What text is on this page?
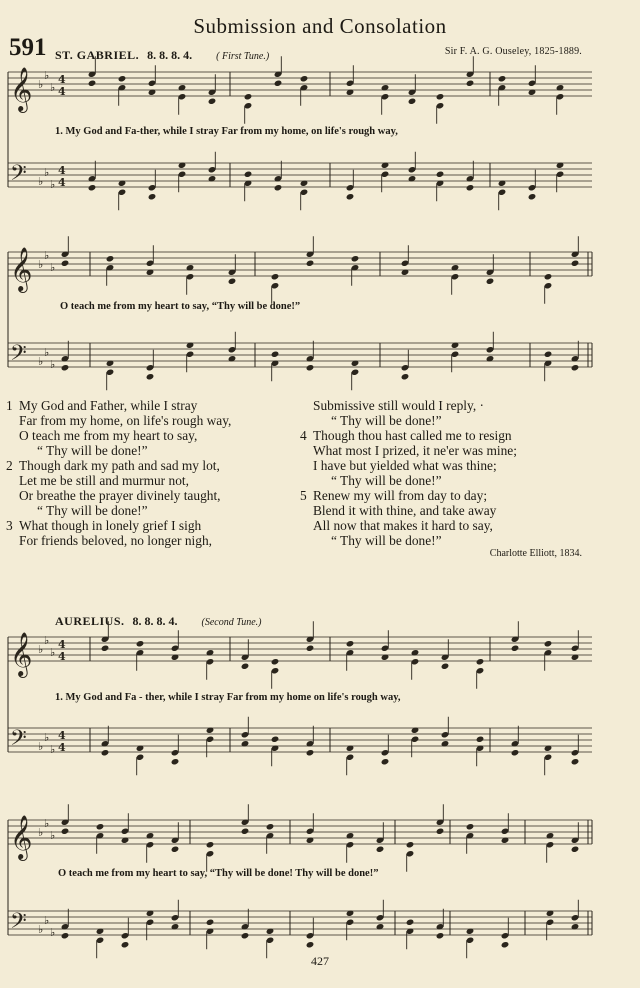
Submission and Consolation
591 ST. GABRIEL. 8. 8. 8. 4. ( First Tune.)	Sir F. A. G. Ouseley, 1825-1889.
𝄞 ♭
♭
♭
4
4
𝄢 ♭
♭
♭
4
4
1. My God and Fa-ther, while I stray Far from my home, on life's rough way,
𝄞 ♭
♭
♭
𝄢 ♭
♭
♭
O teach me from my heart to say, “Thy will be done!”
1 My God and Father, while I stray
Far from my home, on life's rough way,
O teach me from my heart to say,
“ Thy will be done!”
2 Though dark my path and sad my lot,
Let me be still and murmur not,
Or breathe the prayer divinely taught,
“ Thy will be done!”
3 What though in lonely grief I sigh
For friends beloved, no longer nigh,
Submissive still would I reply, ·
“ Thy will be done!”
4 Though thou hast called me to resign
What most I prized, it ne'er was mine;
I have but yielded what was thine;
“ Thy will be done!”
5 Renew my will from day to day;
Blend it with thine, and take away
All now that makes it hard to say,
“ Thy will be done!”
Charlotte Elliott, 1834.
AURELIUS. 8. 8. 8. 4. (Second Tune.)
𝄞 ♭
♭
♭
4
4
𝄢 ♭
♭
♭
4
4
1. My God and Fa - ther, while I stray Far from my home on life's rough way,
𝄞 ♭
♭
♭
𝄢 ♭
♭
♭
O teach me from my heart to say, “Thy will be done! Thy will be done!”
427
